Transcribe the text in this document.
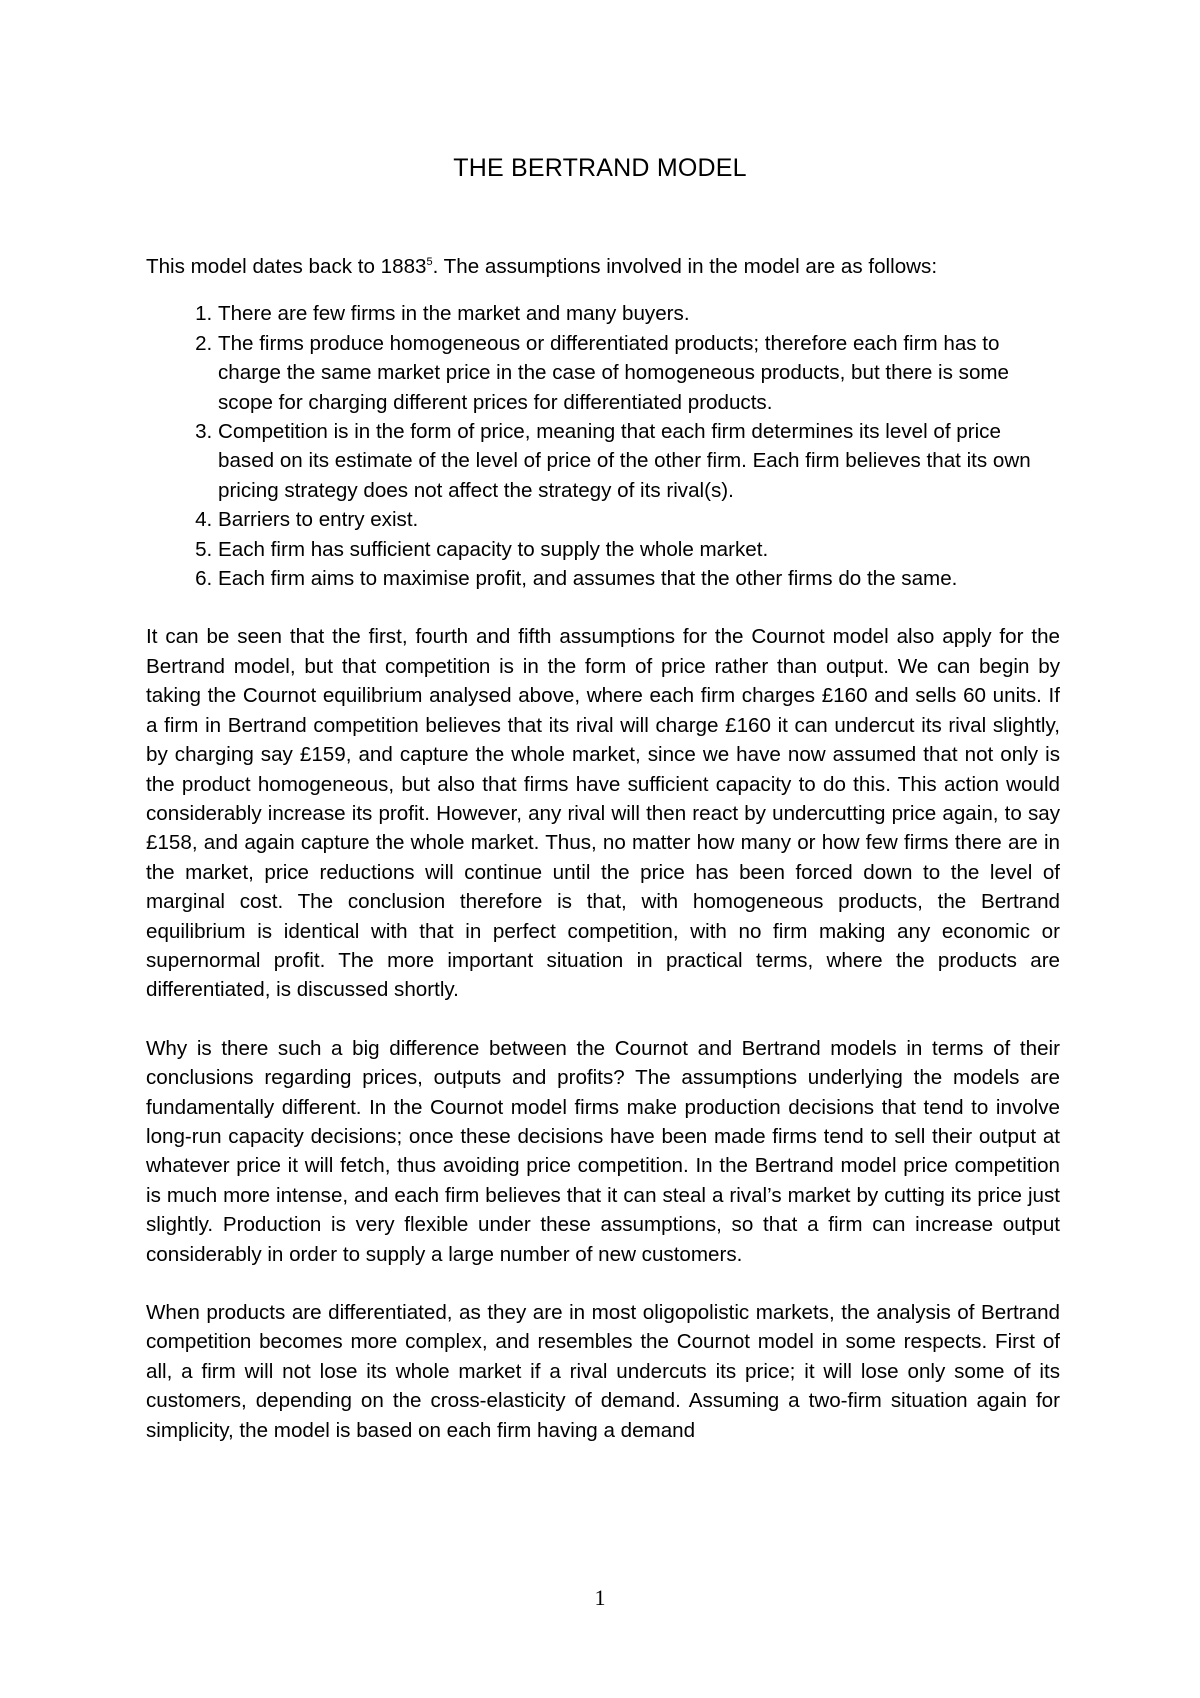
THE BERTRAND MODEL

This model dates back to 1883$^5$. The assumptions involved in the model are as follows:

1. There are few firms in the market and many buyers.
2. The firms produce homogeneous or differentiated products; therefore each firm has to charge the same market price in the case of homogeneous products, but there is some scope for charging different prices for differentiated products.
3. Competition is in the form of price, meaning that each firm determines its level of price based on its estimate of the level of price of the other firm. Each firm believes that its own pricing strategy does not affect the strategy of its rival(s).
4. Barriers to entry exist.
5. Each firm has sufficient capacity to supply the whole market.
6. Each firm aims to maximise profit, and assumes that the other firms do the same.

It can be seen that the first, fourth and fifth assumptions for the Cournot model also apply for the Bertrand model, but that competition is in the form of price rather than output. We can begin by taking the Cournot equilibrium analysed above, where each firm charges £160 and sells 60 units. If a firm in Bertrand competition believes that its rival will charge £160 it can undercut its rival slightly, by charging say £159, and capture the whole market, since we have now assumed that not only is the product homogeneous, but also that firms have sufficient capacity to do this. This action would considerably increase its profit. However, any rival will then react by undercutting price again, to say £158, and again capture the whole market. Thus, no matter how many or how few firms there are in the market, price reductions will continue until the price has been forced down to the level of marginal cost. The conclusion therefore is that, with homogeneous products, the Bertrand equilibrium is identical with that in perfect competition, with no firm making any economic or supernormal profit. The more important situation in practical terms, where the products are differentiated, is discussed shortly.

Why is there such a big difference between the Cournot and Bertrand models in terms of their conclusions regarding prices, outputs and profits? The assumptions underlying the models are fundamentally different. In the Cournot model firms make production decisions that tend to involve long-run capacity decisions; once these decisions have been made firms tend to sell their output at whatever price it will fetch, thus avoiding price competition. In the Bertrand model price competition is much more intense, and each firm believes that it can steal a rival’s market by cutting its price just slightly. Production is very flexible under these assumptions, so that a firm can increase output considerably in order to supply a large number of new customers.

When products are differentiated, as they are in most oligopolistic markets, the analysis of Bertrand competition becomes more complex, and resembles the Cournot model in some respects. First of all, a firm will not lose its whole market if a rival undercuts its price; it will lose only some of its customers, depending on the cross-elasticity of demand. Assuming a two-firm situation again for simplicity, the model is based on each firm having a demand

1
